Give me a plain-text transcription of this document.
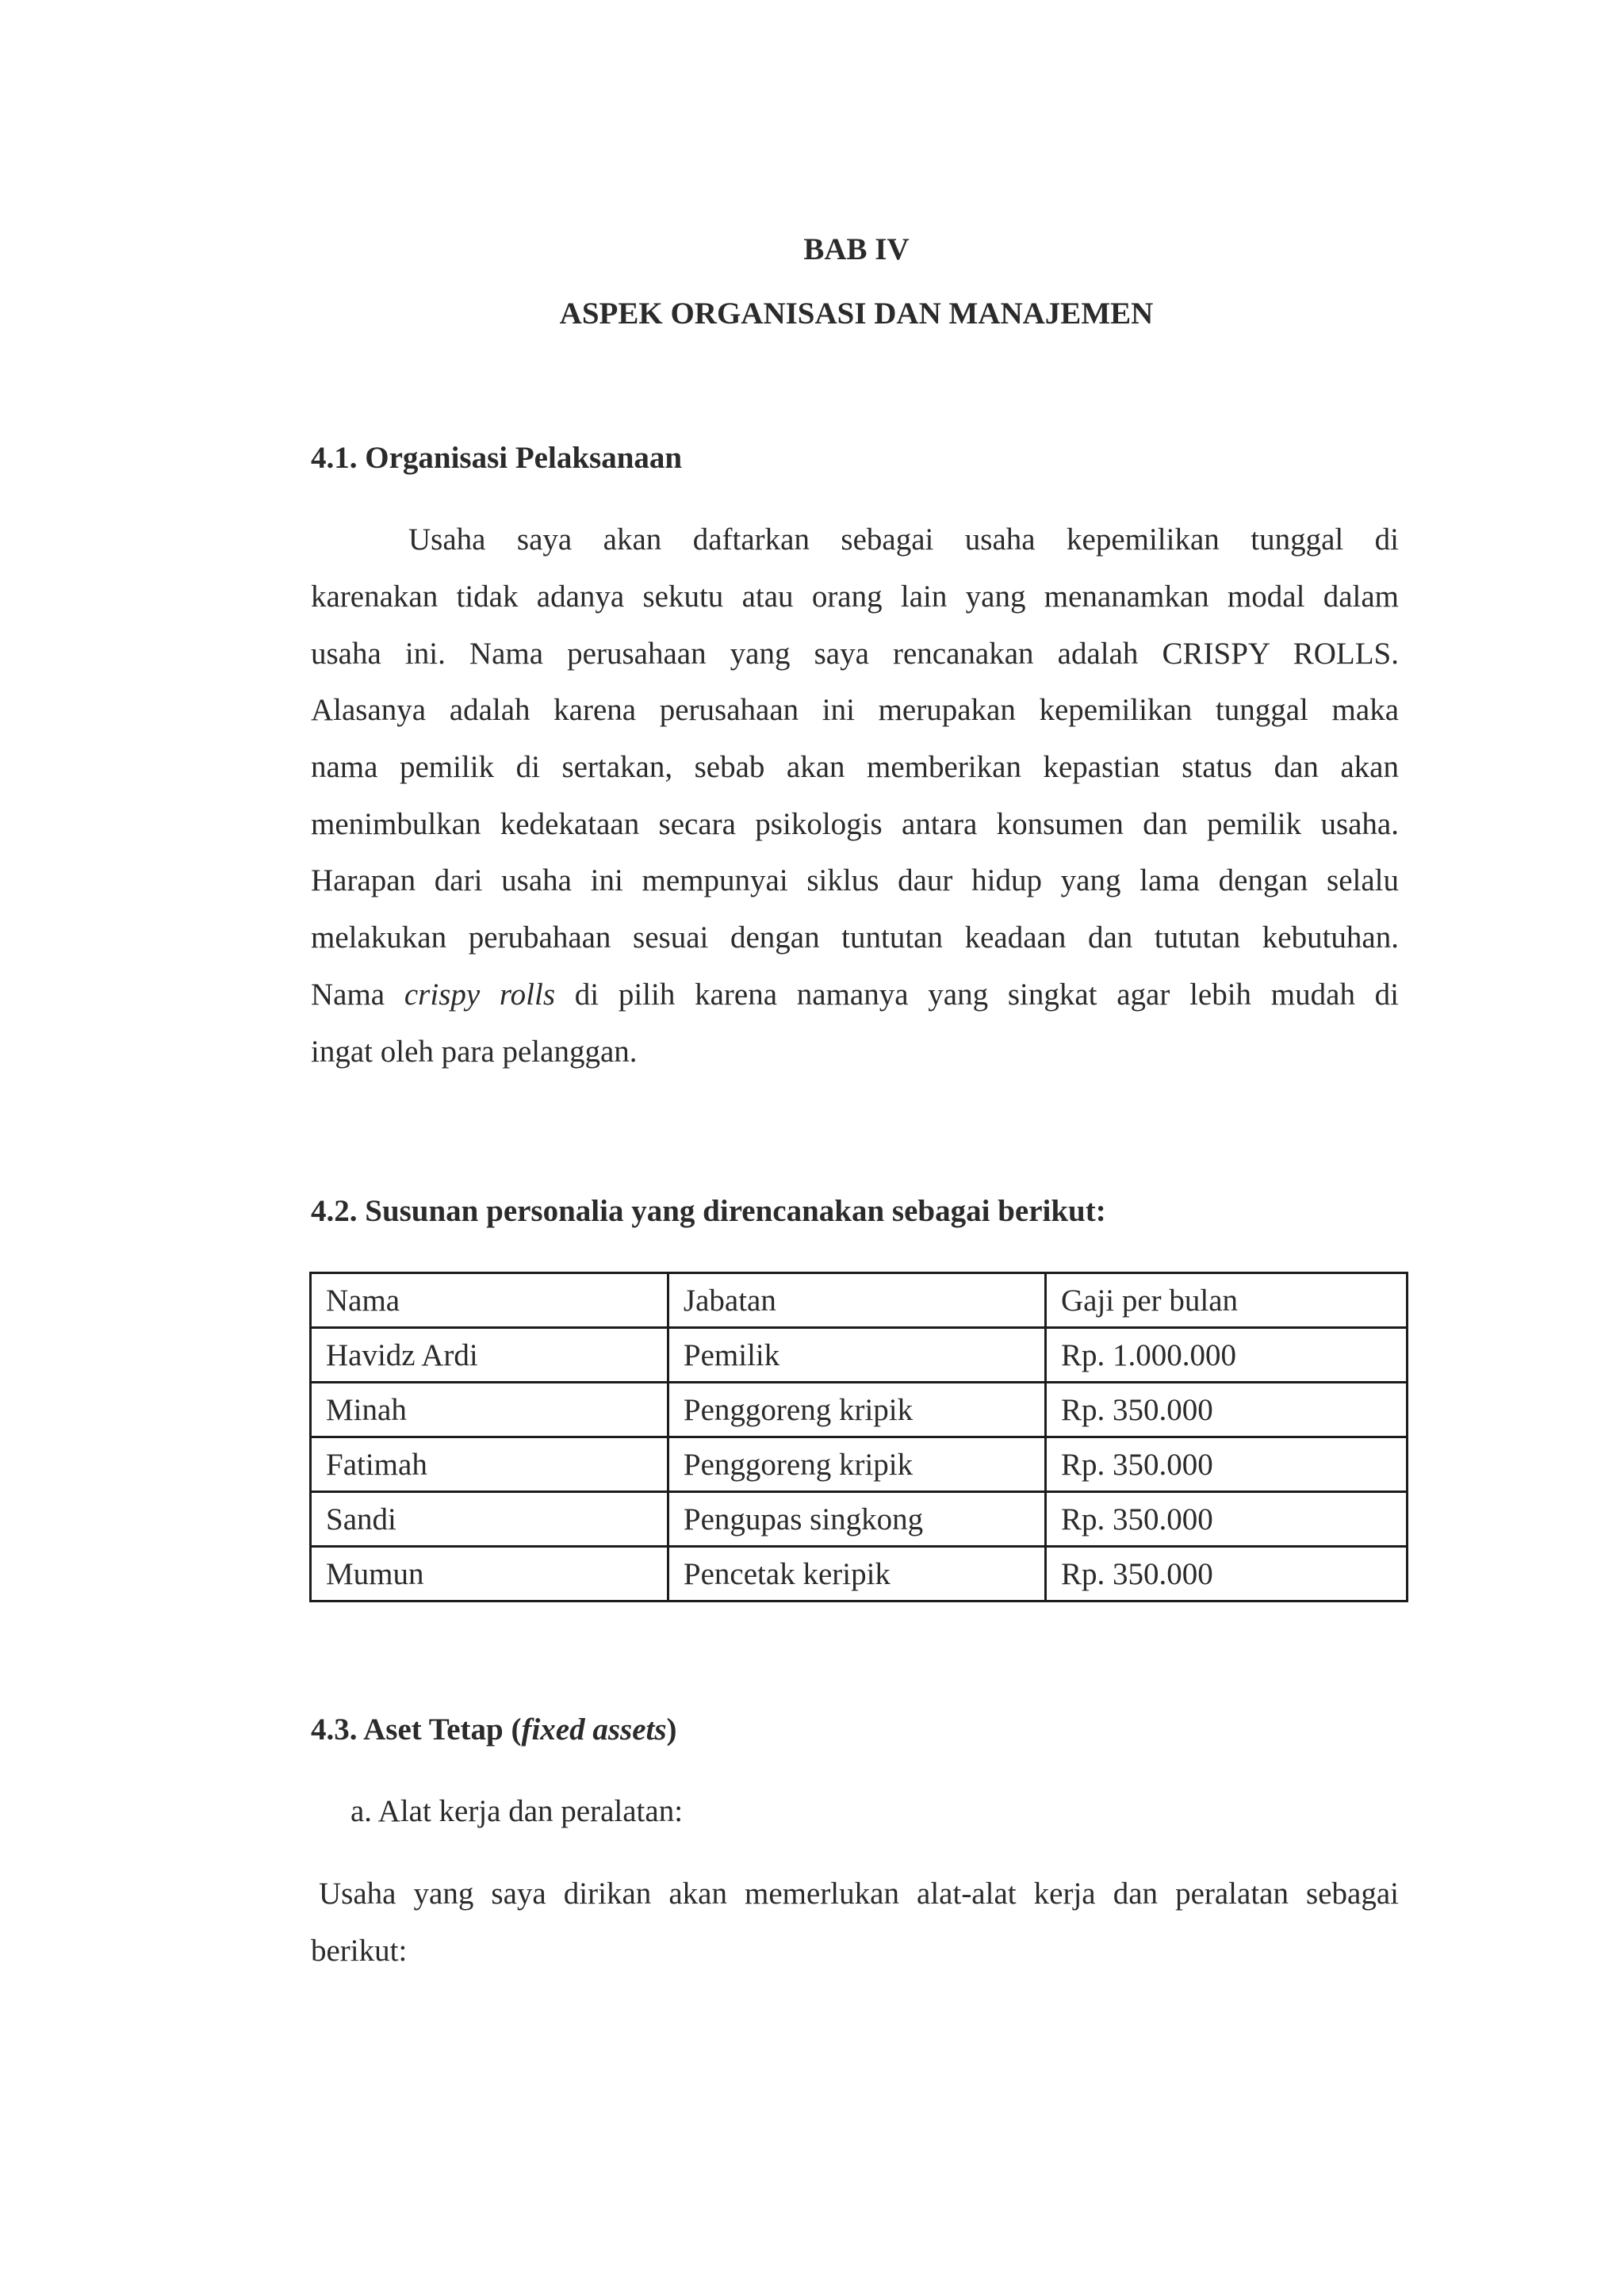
BAB IV

ASPEK ORGANISASI DAN MANAJEMEN

4.1. Organisasi Pelaksanaan

Usaha saya akan daftarkan sebagai usaha kepemilikan tunggal di

karenakan tidak adanya sekutu atau orang lain yang menanamkan modal dalam

usaha ini. Nama perusahaan yang saya rencanakan adalah CRISPY ROLLS.

Alasanya adalah karena perusahaan ini merupakan kepemilikan tunggal maka

nama pemilik di sertakan, sebab akan memberikan kepastian status dan akan

menimbulkan kedekataan secara psikologis antara konsumen dan pemilik usaha.

Harapan dari usaha ini mempunyai siklus daur hidup yang lama dengan selalu

melakukan perubahaan sesuai dengan tuntutan keadaan dan tututan kebutuhan.

Nama crispy rolls di pilih karena namanya yang singkat agar lebih mudah di

ingat oleh para pelanggan.

4.2. Susunan personalia yang direncanakan sebagai berikut:

Nama	Jabatan	Gaji per bulan
Havidz Ardi	Pemilik	Rp. 1.000.000
Minah	Penggoreng kripik	Rp. 350.000
Fatimah	Penggoreng kripik	Rp. 350.000
Sandi	Pengupas singkong	Rp. 350.000
Mumun	Pencetak keripik	Rp. 350.000

4.3. Aset Tetap (fixed assets)

a. Alat kerja dan peralatan:

Usaha yang saya dirikan akan memerlukan alat-alat kerja dan peralatan sebagai

berikut:
